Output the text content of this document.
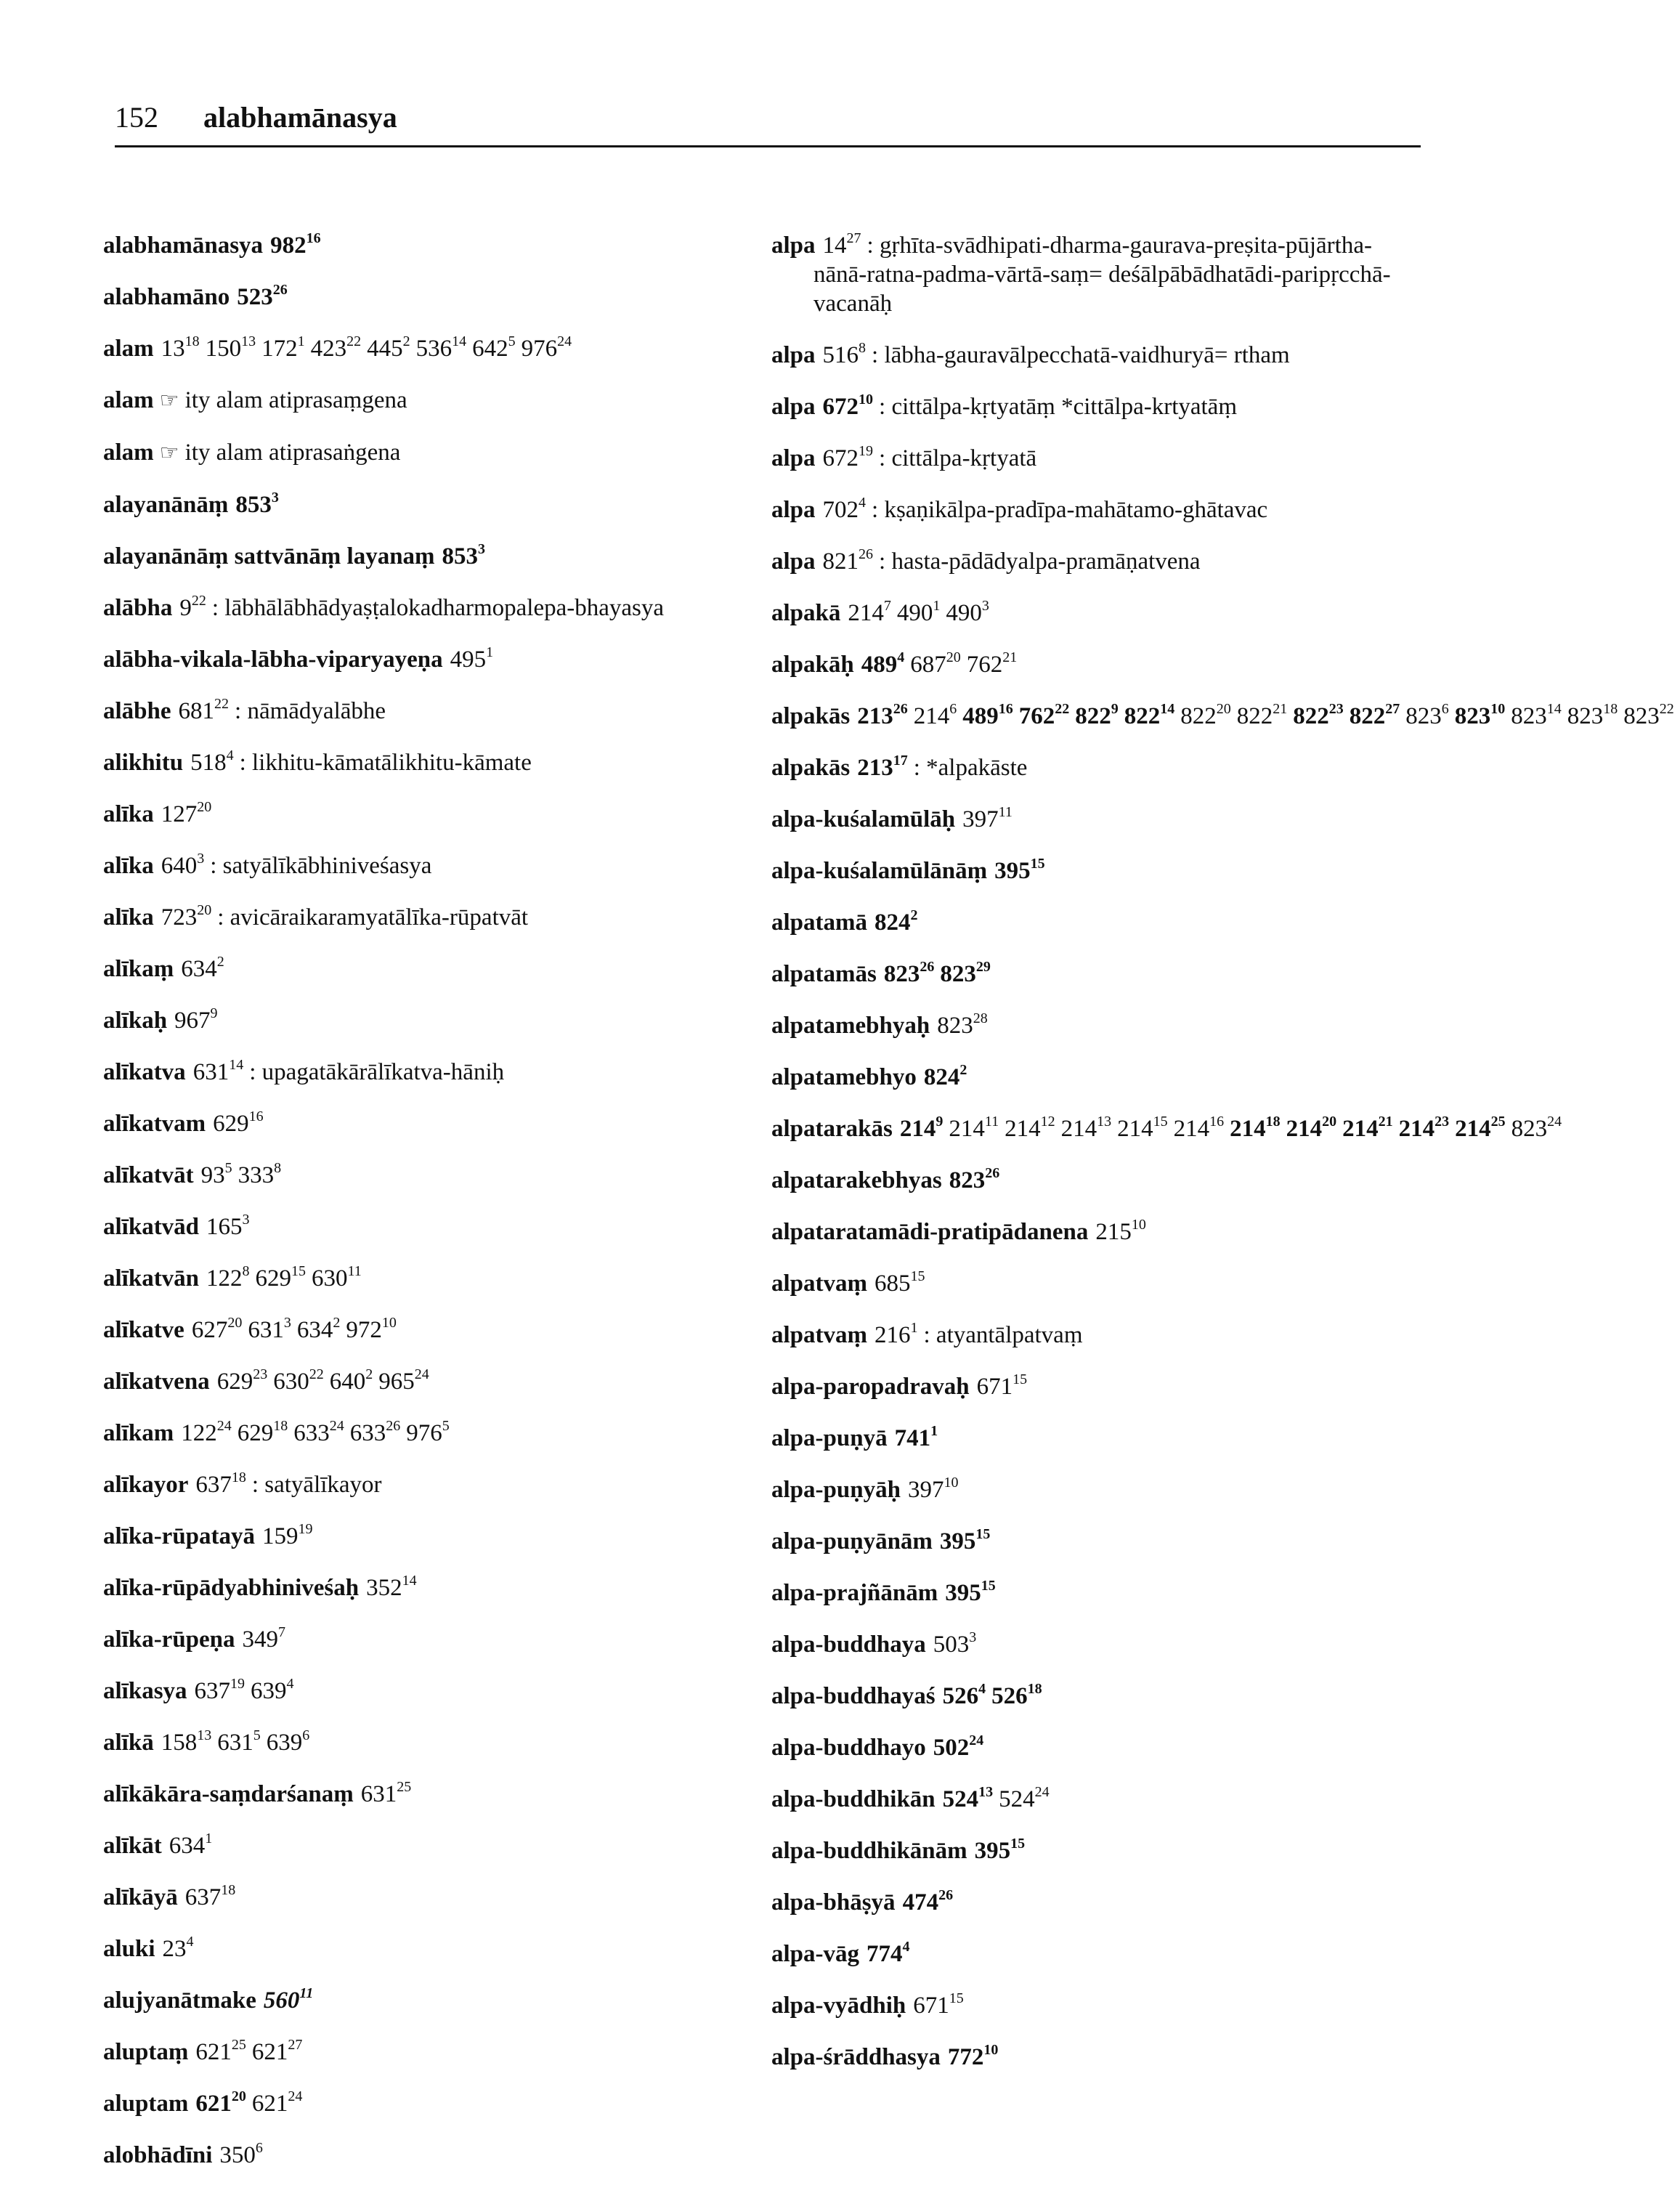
152 alabhamānasya
alabhamānasya $982^{16}$
alabhamāno $523^{26}$
alam $13^{18}$ $150^{13}$ $172^1$ $423^{22}$ $445^2$ $536^{14}$ $642^5$ $976^{24}$
alam ☞ ity alam atiprasaṃgena
alam ☞ ity alam atiprasaṅgena
alayanānāṃ $853^3$
alayanānāṃ sattvānāṃ layanaṃ $853^3$
alābha $9^{22}$ : lābhālābhādyaṣṭalokadharmopalepa-bhayasya
alābha-vikala-lābha-viparyayeṇa $495^1$
alābhe $681^{22}$ : nāmādyalābhe
alikhitu $518^4$ : likhitu-kāmatālikhitu-kāmate
alīka $127^{20}$
alīka $640^3$ : satyālīkābhiniveśasya
alīka $723^{20}$ : avicāraikaramyatālīka-rūpatvāt
alīkaṃ $634^2$
alīkaḥ $967^9$
alīkatva $631^{14}$ : upagatākārālīkatva-hāniḥ
alīkatvam $629^{16}$
alīkatvāt $93^5$ $333^8$
alīkatvād $165^3$
alīkatvān $122^8$ $629^{15}$ $630^{11}$
alīkatve $627^{20}$ $631^3$ $634^2$ $972^{10}$
alīkatvena $629^{23}$ $630^{22}$ $640^2$ $965^{24}$
alīkam $122^{24}$ $629^{18}$ $633^{24}$ $633^{26}$ $976^5$
alīkayor $637^{18}$ : satyālīkayor
alīka-rūpatayā $159^{19}$
alīka-rūpādyabhiniveśaḥ $352^{14}$
alīka-rūpeṇa $349^7$
alīkasya $637^{19}$ $639^4$
alīkā $158^{13}$ $631^5$ $639^6$
alīkākāra-saṃdarśanaṃ $631^{25}$
alīkāt $634^1$
alīkāyā $637^{18}$
aluki $23^4$
alujyanātmake $560^{11}$
aluptaṃ $621^{25}$ $621^{27}$
aluptam $621^{20}$ $621^{24}$
alobhādīni $350^6$
alpa $14^{27}$ : gṛhīta-svādhipati-dharma-gaurava-preṣita-pūjārtha-nānā-ratna-padma-vārtā-saṃ= deśālpābādhatādi-paripṛcchā-vacanāḥ
alpa $516^8$ : lābha-gauravālpecchatā-vaidhuryā= rtham
alpa $672^{10}$ : cittālpa-kṛtyatāṃ *cittālpa-krtyatāṃ
alpa $672^{19}$ : cittālpa-kṛtyatā
alpa $702^4$ : kṣaṇikālpa-pradīpa-mahātamo-ghātavac
alpa $821^{26}$ : hasta-pādādyalpa-pramāṇatvena
alpakā $214^7$ $490^1$ $490^3$
alpakāḥ $489^4$ $687^{20}$ $762^{21}$
alpakās $213^{26}$ $214^6$ $489^{16}$ $762^{22}$ $822^9$ $822^{14}$ $822^{20}$ $822^{21}$ $822^{23}$ $822^{27}$ $823^6$ $823^{10}$ $823^{14}$ $823^{18}$ $823^{22}$
alpakās $213^{17}$ : *alpakāste
alpa-kuśalamūlāḥ $397^{11}$
alpa-kuśalamūlānāṃ $395^{15}$
alpatamā $824^2$
alpatamās $823^{26}$ $823^{29}$
alpatamebhyaḥ $823^{28}$
alpatamebhyo $824^2$
alpatarakās $214^9$ $214^{11}$ $214^{12}$ $214^{13}$ $214^{15}$ $214^{16}$ $214^{18}$ $214^{20}$ $214^{21}$ $214^{23}$ $214^{25}$ $823^{24}$
alpatarakebhyas $823^{26}$
alpataratamādi-pratipādanena $215^{10}$
alpatvaṃ $685^{15}$
alpatvaṃ $216^1$ : atyantālpatvaṃ
alpa-paropadravaḥ $671^{15}$
alpa-puṇyā $741^1$
alpa-puṇyāḥ $397^{10}$
alpa-puṇyānām $395^{15}$
alpa-prajñānām $395^{15}$
alpa-buddhaya $503^3$
alpa-buddhayaś $526^4$ $526^{18}$
alpa-buddhayo $502^{24}$
alpa-buddhikān $524^{13}$ $524^{24}$
alpa-buddhikānām $395^{15}$
alpa-bhāṣyā $474^{26}$
alpa-vāg $774^4$
alpa-vyādhiḥ $671^{15}$
alpa-śrāddhasya $772^{10}$
